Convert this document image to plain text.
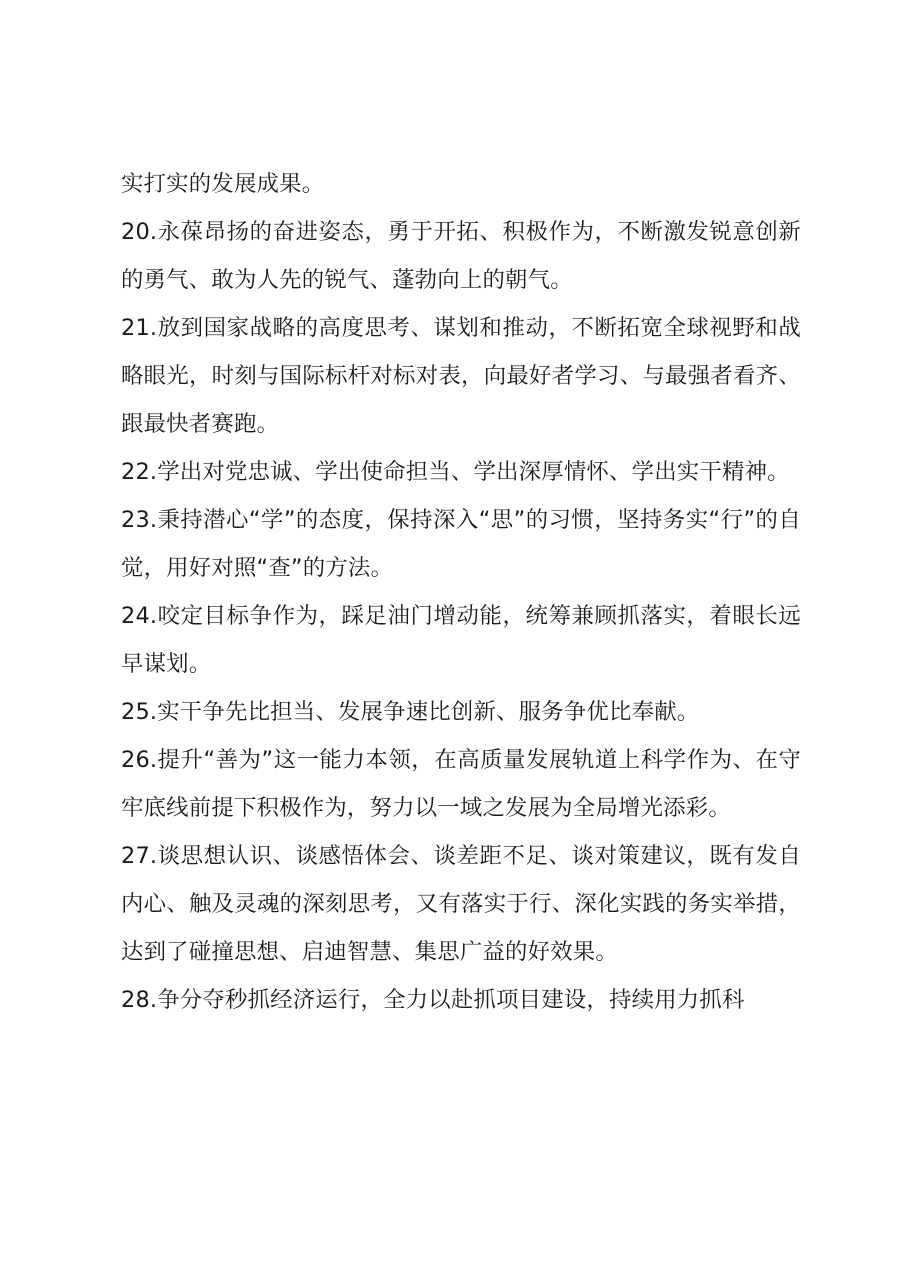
实打实的发展成果。

20.永葆昂扬的奋进姿态，勇于开拓、积极作为，不断激发锐意创新的勇气、敢为人先的锐气、蓬勃向上的朝气。

21.放到国家战略的高度思考、谋划和推动，不断拓宽全球视野和战略眼光，时刻与国际标杆对标对表，向最好者学习、与最强者看齐、跟最快者赛跑。

22.学出对党忠诚、学出使命担当、学出深厚情怀、学出实干精神。

23.秉持潜心“学”的态度，保持深入“思”的习惯，坚持务实“行”的自觉，用好对照“查”的方法。

24.咬定目标争作为，踩足油门增动能，统筹兼顾抓落实，着眼长远早谋划。

25.实干争先比担当、发展争速比创新、服务争优比奉献。

26.提升“善为”这一能力本领，在高质量发展轨道上科学作为、在守牢底线前提下积极作为，努力以一域之发展为全局增光添彩。

27.谈思想认识、谈感悟体会、谈差距不足、谈对策建议，既有发自内心、触及灵魂的深刻思考，又有落实于行、深化实践的务实举措，达到了碰撞思想、启迪智慧、集思广益的好效果。

28.争分夺秒抓经济运行，全力以赴抓项目建设，持续用力抓科
